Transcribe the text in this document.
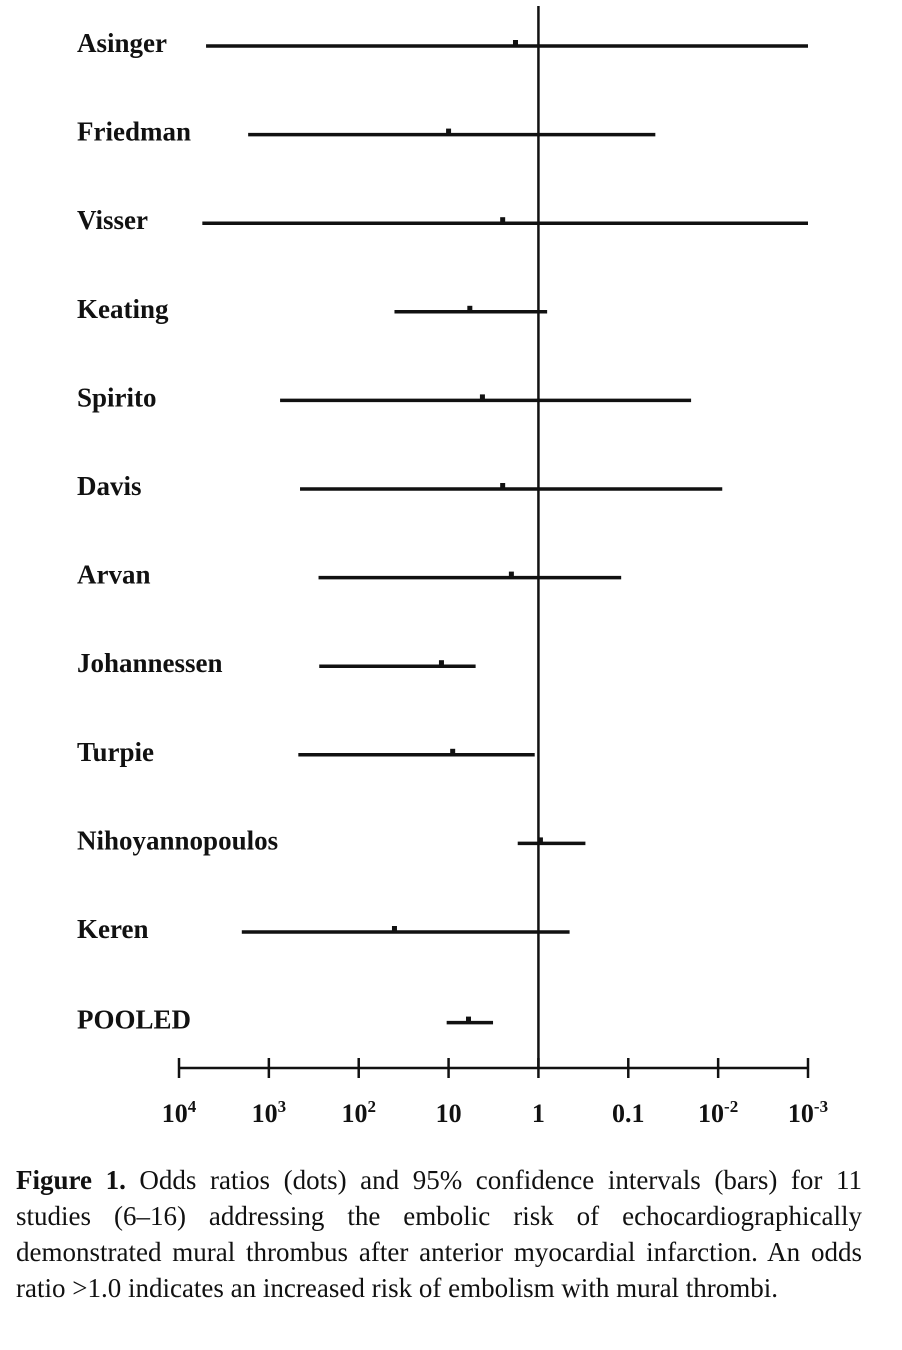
Asinger
Friedman
Visser
Keating
Spirito
Davis
Arvan
Johannessen
Turpie
Nihoyannopoulos
Keren
POOLED
$10^4$ $10^3$ $10^2$ 10	1	0.1 $10^{-2}$ $10^{-3}$
Figure 1. Odds ratios (dots) and 95% confidence intervals (bars) for 11 studies (6–16) addressing the embolic risk of echocardiographically demonstrated mural thrombus after anterior myocardial infarction. An odds ratio >1.0 indicates an increased risk of embolism with mural thrombi.
